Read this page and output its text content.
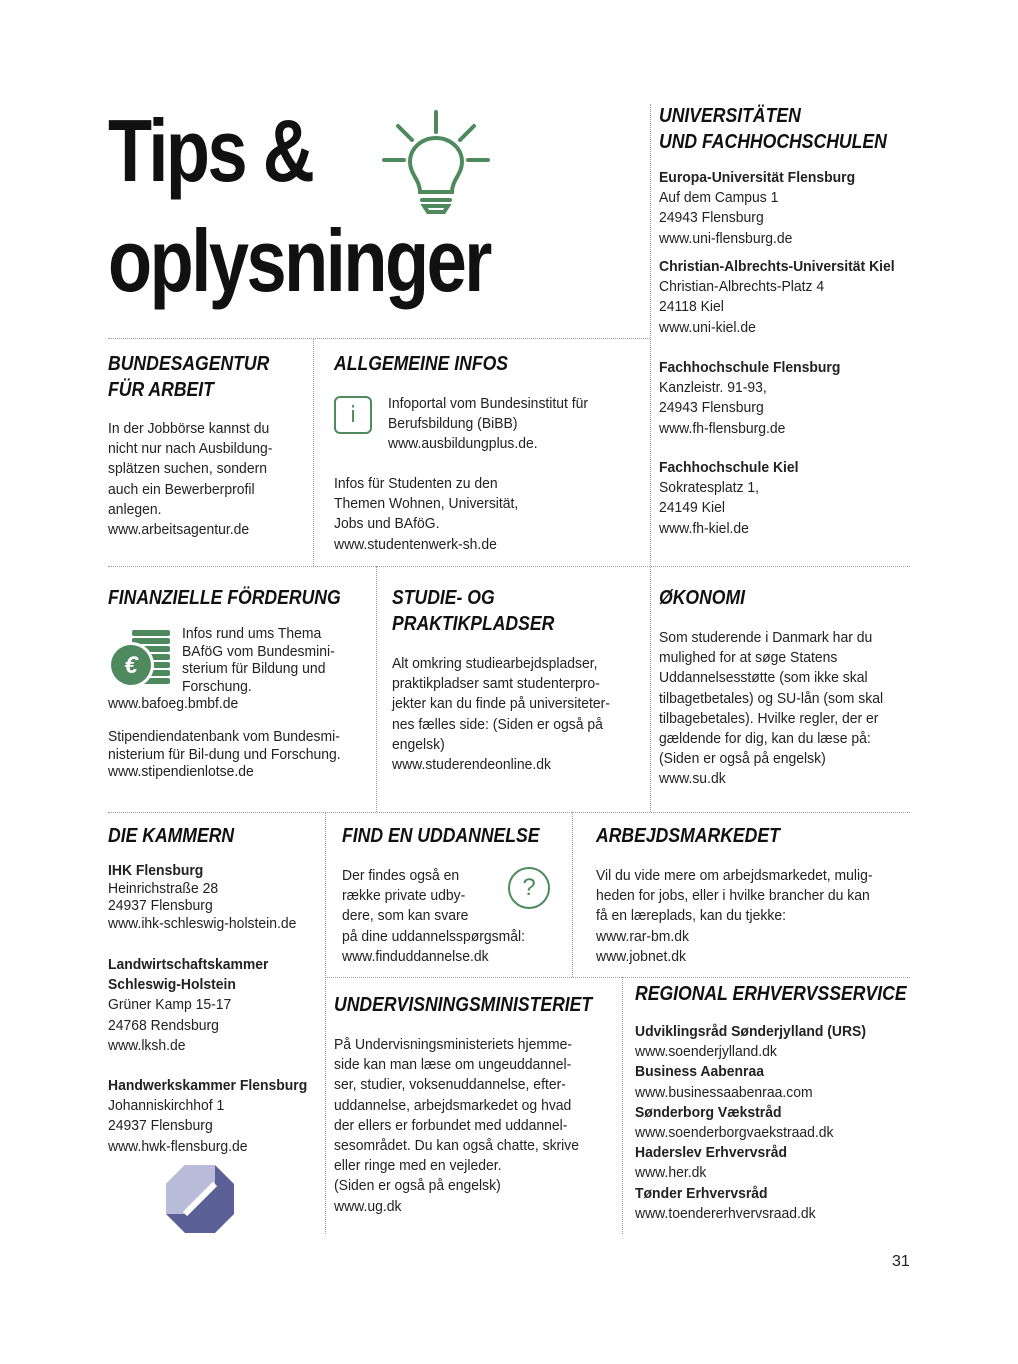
Tips &
oplysninger
UNIVERSITÄTEN
UND FACHHOCHSCHULEN
Europa-Universität Flensburg
Auf dem Campus 1
24943 Flensburg
www.uni-flensburg.de
Christian-Albrechts-Universität Kiel
Christian-Albrechts-Platz 4
24118 Kiel
www.uni-kiel.de
Fachhochschule Flensburg
Kanzleistr. 91-93,
24943 Flensburg
www.fh-flensburg.de
Fachhochschule Kiel
Sokratesplatz 1,
24149 Kiel
www.fh-kiel.de
BUNDESAGENTUR
FÜR ARBEIT
In der Jobbörse kannst du
nicht nur nach Ausbildung-
splätzen suchen, sondern
auch ein Bewerberprofil
anlegen.
www.arbeitsagentur.de
ALLGEMEINE INFOS
i	Infoportal vom Bundesinstitut für
Berufsbildung (BiBB)
www.ausbildungplus.de.
Infos für Studenten zu den
Themen Wohnen, Universität,
Jobs und BAföG.
www.studentenwerk-sh.de
FINANZIELLE FÖRDERUNG
€
Infos rund ums Thema
BAföG vom Bundesmini-
sterium für Bildung und
Forschung.
www.bafoeg.bmbf.de
Stipendiendatenbank vom Bundesmi-
nisterium für Bil-dung und Forschung.
www.stipendienlotse.de
STUDIE- OG
PRAKTIKPLADSER
Alt omkring studiearbejdspladser,
praktikpladser samt studenterpro-
jekter kan du finde på universiteter-
nes fælles side: (Siden er også på
engelsk)
www.studerendeonline.dk
ØKONOMI
Som studerende i Danmark har du
mulighed for at søge Statens
Uddannelsesstøtte (som ikke skal
tilbagetbetales) og SU-lån (som skal
tilbagebetales). Hvilke regler, der er
gældende for dig, kan du læse på:
(Siden er også på engelsk)
www.su.dk
DIE KAMMERN
IHK Flensburg
Heinrichstraße 28
24937 Flensburg
www.ihk-schleswig-holstein.de
Landwirtschaftskammer
Schleswig-Holstein
Grüner Kamp 15-17
24768 Rendsburg
www.lksh.de
Handwerkskammer Flensburg
Johanniskirchhof 1
24937 Flensburg
www.hwk-flensburg.de
FIND EN UDDANNELSE
?
Der findes også en
række private udby-
dere, som kan svare
på dine uddannelsspørgsmål:
www.finduddannelse.dk
ARBEJDSMARKEDET
Vil du vide mere om arbejdsmarkedet, mulig-
heden for jobs, eller i hvilke brancher du kan
få en læreplads, kan du tjekke:
www.rar-bm.dk
www.jobnet.dk
UNDERVISNINGSMINISTERIET
På Undervisningsministeriets hjemme-
side kan man læse om ungeuddannel-
ser, studier, voksenuddannelse, efter-
uddannelse, arbejdsmarkedet og hvad
der ellers er forbundet med uddannel-
sesområdet. Du kan også chatte, skrive
eller ringe med en vejleder.
(Siden er også på engelsk)
www.ug.dk
REGIONAL ERHVERVSSERVICE
Udviklingsråd Sønderjylland (URS)
www.soenderjylland.dk
Business Aabenraa
www.businessaabenraa.com
Sønderborg Vækstråd
www.soenderborgvaekstraad.dk
Haderslev Erhvervsråd
www.her.dk
Tønder Erhvervsråd
www.toendererhvervsraad.dk
31
